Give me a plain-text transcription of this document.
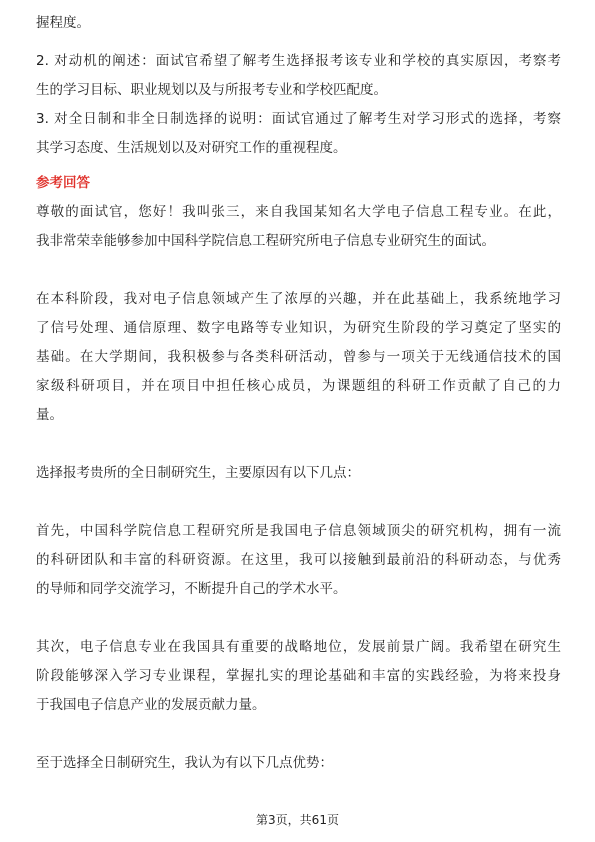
握程度。
2. 对动机的阐述：面试官希望了解考生选择报考该专业和学校的真实原因，考察考
生的学习目标、职业规划以及与所报考专业和学校匹配度。
3. 对全日制和非全日制选择的说明：面试官通过了解考生对学习形式的选择，考察
其学习态度、生活规划以及对研究工作的重视程度。
参考回答
尊敬的面试官，您好！我叫张三，来自我国某知名大学电子信息工程专业。在此，
我非常荣幸能够参加中国科学院信息工程研究所电子信息专业研究生的面试。
在本科阶段，我对电子信息领域产生了浓厚的兴趣，并在此基础上，我系统地学习
了信号处理、通信原理、数字电路等专业知识，为研究生阶段的学习奠定了坚实的
基础。在大学期间，我积极参与各类科研活动，曾参与一项关于无线通信技术的国
家级科研项目，并在项目中担任核心成员，为课题组的科研工作贡献了自己的力
量。
选择报考贵所的全日制研究生，主要原因有以下几点：
首先，中国科学院信息工程研究所是我国电子信息领域顶尖的研究机构，拥有一流
的科研团队和丰富的科研资源。在这里，我可以接触到最前沿的科研动态，与优秀
的导师和同学交流学习，不断提升自己的学术水平。
其次，电子信息专业在我国具有重要的战略地位，发展前景广阔。我希望在研究生
阶段能够深入学习专业课程，掌握扎实的理论基础和丰富的实践经验，为将来投身
于我国电子信息产业的发展贡献力量。
至于选择全日制研究生，我认为有以下几点优势：
第3页，共61页
